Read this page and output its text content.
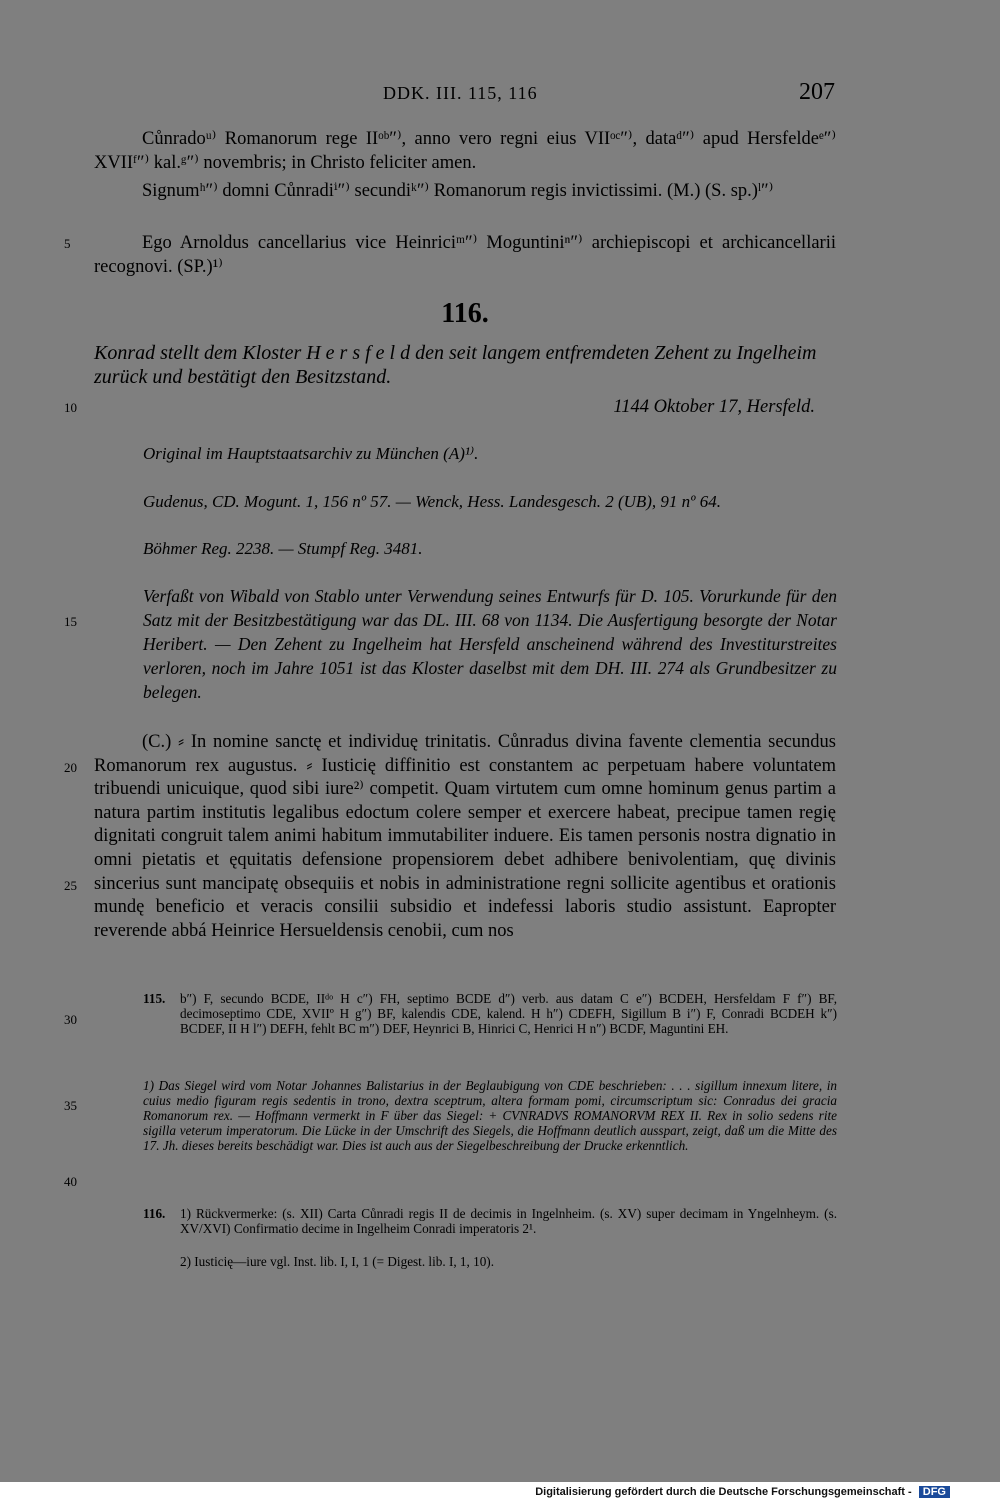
DDK. III. 115, 116	207
Cůnradoᵘ⁾ Romanorum rege IIᵒᵇ″⁾, anno vero regni eius VIIᵒᶜ″⁾, dataᵈ″⁾ apud Hersfeldeᵉ″⁾ XVIIᶠ″⁾ kal.ᵍ″⁾ novembris; in Christo feliciter amen.
Signumʰ″⁾ domni Cůnradiⁱ″⁾ secundiᵏ″⁾ Romanorum regis invictissimi. (M.) (S. sp.)ˡ″⁾
Ego Arnoldus cancellarius vice Heinriciᵐ″⁾ Moguntiniⁿ″⁾ archiepiscopi et archicancellarii recognovi. (SP.)¹⁾
5
10
15
20
25
30
35
40
116.
Konrad stellt dem Kloster H e r s f e l d den seit langem entfremdeten Zehent zu Ingelheim zurück und bestätigt den Besitzstand.
1144 Oktober 17, Hersfeld.
Original im Hauptstaatsarchiv zu München (A)¹⁾.
Gudenus, CD. Mogunt. 1, 156 nº 57. — Wenck, Hess. Landesgesch. 2 (UB), 91 nº 64.
Böhmer Reg. 2238. — Stumpf Reg. 3481.
Verfaßt von Wibald von Stablo unter Verwendung seines Entwurfs für D. 105. Vorurkunde für den Satz mit der Besitzbestätigung war das DL. III. 68 von 1134. Die Ausfertigung besorgte der Notar Heribert. — Den Zehent zu Ingelheim hat Hersfeld anscheinend während des Investiturstreites verloren, noch im Jahre 1051 ist das Kloster daselbst mit dem DH. III. 274 als Grundbesitzer zu belegen.
(C.) ⸗ In nomine sanctę et individuę trinitatis. Cůnradus divina favente clementia secundus Romanorum rex augustus. ⸗ Iusticię diffinitio est constantem ac perpetuam habere voluntatem tribuendi unicuique, quod sibi iure²⁾ competit. Quam virtutem cum omne hominum genus partim a natura partim institutis legalibus edoctum colere semper et exercere habeat, precipue tamen regię dignitati congruit talem animi habitum immutabiliter induere. Eis tamen personis nostra dignatio in omni pietatis et ęquitatis defensione propensiorem debet adhibere benivolentiam, quę divinis sincerius sunt mancipatę obsequiis et nobis in administratione regni sollicite agentibus et orationis mundę beneficio et veracis consilii subsidio et indefessi laboris studio assistunt. Eapropter reverende abbá Heinrice Hersueldensis cenobii, cum nos
115. b″) F, secundo BCDE, IIᵈᵒ H c″) FH, septimo BCDE d″) verb. aus datam C e″) BCDEH, Hersfeldam F f″) BF, decimoseptimo CDE, XVIIº H g″) BF, kalendis CDE, kalend. H h″) CDEFH, Sigillum B i″) F, Conradi BCDEH k″) BCDEF, II H l″) DEFH, fehlt BC m″) DEF, Heynrici B, Hinrici C, Henrici H n″) BCDF, Maguntini EH.
1) Das Siegel wird vom Notar Johannes Balistarius in der Beglaubigung von CDE beschrieben: . . . sigillum innexum litere, in cuius medio figuram regis sedentis in trono, dextra sceptrum, altera formam pomi, circumscriptum sic: Conradus dei gracia Romanorum rex. — Hoffmann vermerkt in F über das Siegel: + CVNRADVS ROMANORVM REX II. Rex in solio sedens rite sigilla veterum imperatorum. Die Lücke in der Umschrift des Siegels, die Hoffmann deutlich ausspart, zeigt, daß um die Mitte des 17. Jh. dieses bereits beschädigt war. Dies ist auch aus der Siegelbeschreibung der Drucke erkenntlich.
116. 1) Rückvermerke: (s. XII) Carta Cůnradi regis II de decimis in Ingelnheim. (s. XV) super decimam in Yngelnheym. (s. XV/XVI) Confirmatio decime in Ingelheim Conradi imperatoris 2¹.
2) Iusticię—iure vgl. Inst. lib. I, I, 1 (= Digest. lib. I, 1, 10).
Digitalisierung gefördert durch die Deutsche Forschungsgemeinschaft - DFG
